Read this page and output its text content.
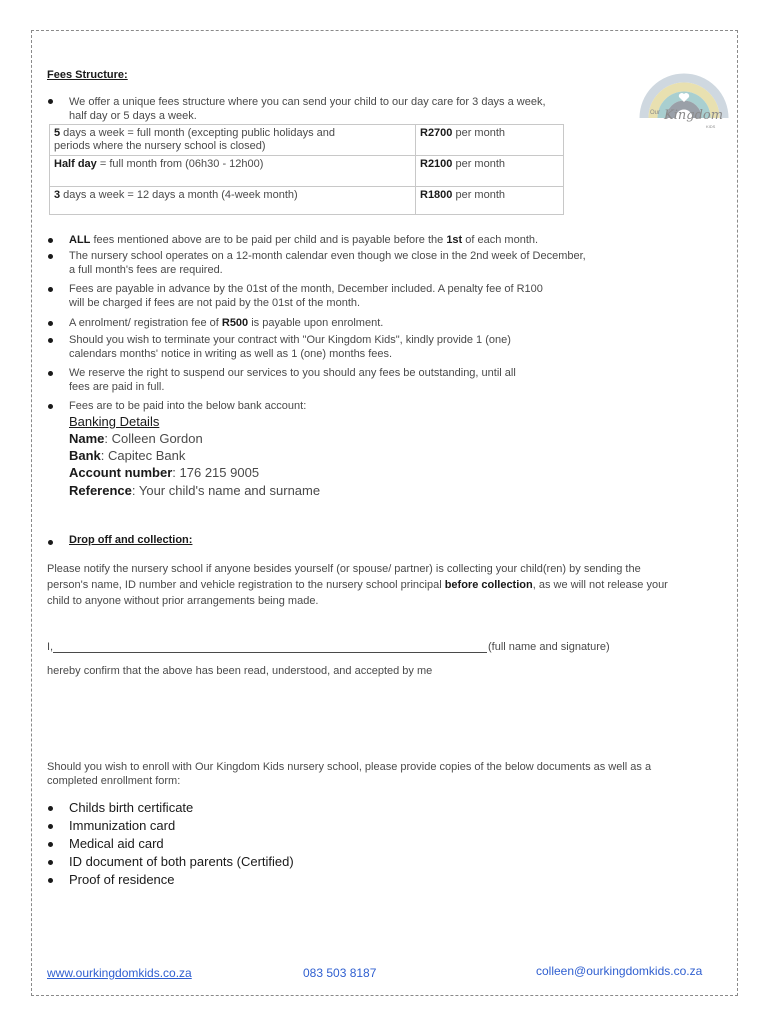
Our Kingdom
KIDS
Fees Structure:
We offer a unique fees structure where you can send your child to our day care for 3 days a week,
half day or 5 days a week.
5 days a week = full month (excepting public holidays and
periods where the nursery school is closed)	R2700 per month
Half day = full month from (06h30 - 12h00)	R2100 per month
3 days a week = 12 days a month (4-week month)	R1800 per month
ALL fees mentioned above are to be paid per child and is payable before the 1st of each month.
The nursery school operates on a 12-month calendar even though we close in the 2nd week of December,
a full month's fees are required.
Fees are payable in advance by the 01st of the month, December included. A penalty fee of R100
will be charged if fees are not paid by the 01st of the month.
A enrolment/ registration fee of R500 is payable upon enrolment.
Should you wish to terminate your contract with "Our Kingdom Kids", kindly provide 1 (one)
calendars months' notice in writing as well as 1 (one) months fees.
We reserve the right to suspend our services to you should any fees be outstanding, until all
fees are paid in full.
Fees are to be paid into the below bank account:
Banking Details
Name: Colleen Gordon
Bank: Capitec Bank
Account number: 176 215 9005
Reference: Your child's name and surname
Drop off and collection:
Please notify the nursery school if anyone besides yourself (or spouse/ partner) is collecting your child(ren) by sending the
person's name, ID number and vehicle registration to the nursery school principal before collection, as we will not release your
child to anyone without prior arrangements being made.
I,	(full name and signature)
hereby confirm that the above has been read, understood, and accepted by me
Should you wish to enroll with Our Kingdom Kids nursery school, please provide copies of the below documents as well as a
completed enrollment form:
Childs birth certificate
Immunization card
Medical aid card
ID document of both parents (Certified)
Proof of residence
www.ourkingdomkids.co.za	083 503 8187	colleen@ourkingdomkids.co.za
